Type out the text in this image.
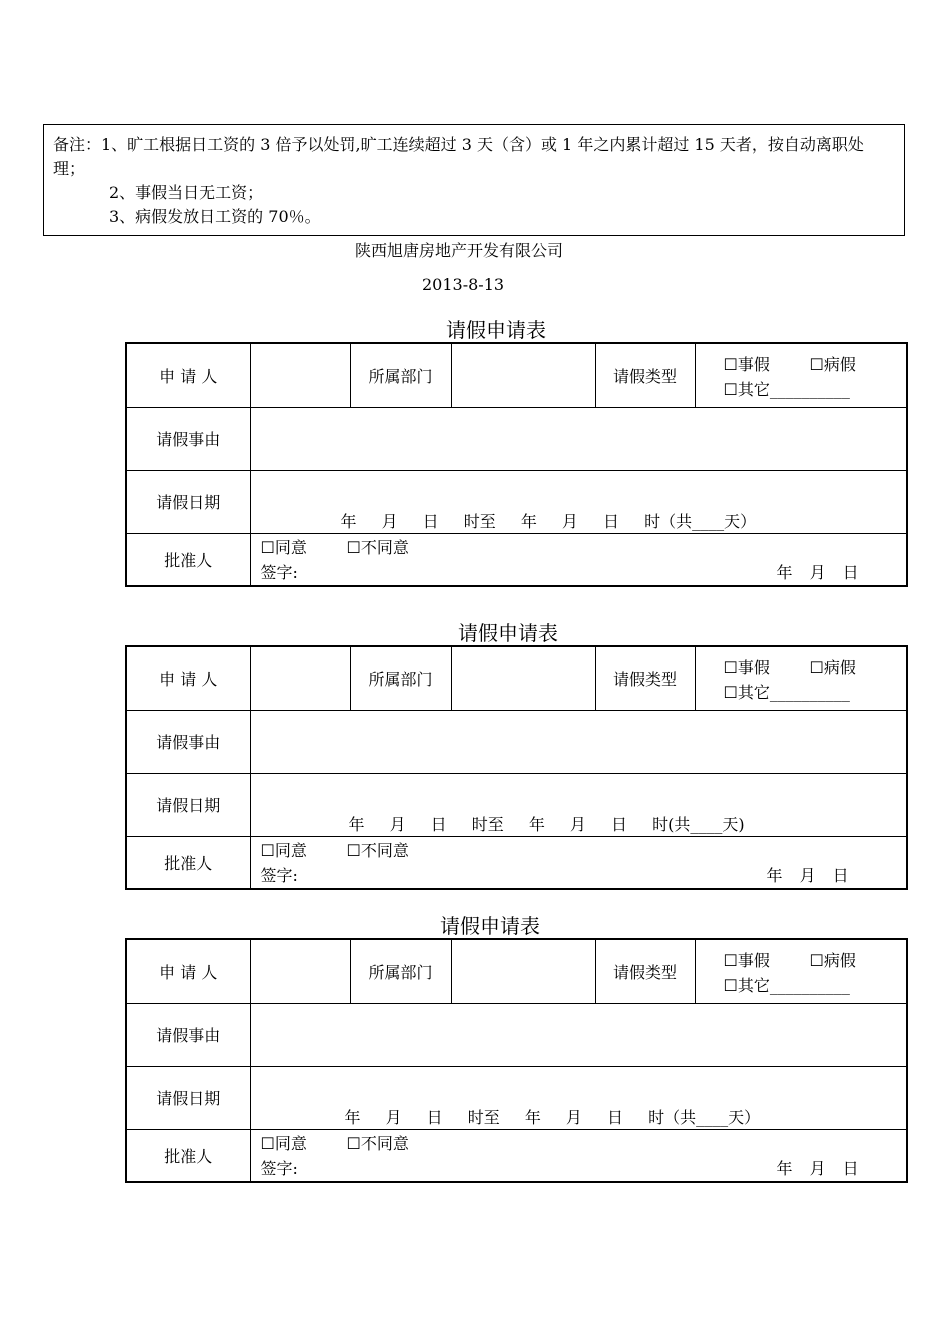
备注：1、旷工根据日工资的 3 倍予以处罚,旷工连续超过 3 天（含）或 1 年之内累计超过 15 天者，按自动离职处理；
2、事假当日无工资；
3、病假发放日工资的 70％。
陕西旭唐房地产开发有限公司
2013-8-13
请假申请表
申 请 人		所属部门		请假类型	☐事假 ☐病假
☐其它__________

请假事由					
请假日期	年 月 日 时至 年 月 日 时（共____天）				

批准人	☐同意 ☐不同意
签字: 年 月 日				
请假申请表
申 请 人		所属部门		请假类型	☐事假 ☐病假
☐其它__________

请假事由					
请假日期	年 月 日 时至 年 月 日 时(共____天)				

批准人	☐同意 ☐不同意
签字: 年 月 日				
请假申请表
申 请 人		所属部门		请假类型	☐事假 ☐病假
☐其它__________

请假事由					
请假日期	年 月 日 时至 年 月 日 时（共____天）				

批准人	☐同意 ☐不同意
签字: 年 月 日				
